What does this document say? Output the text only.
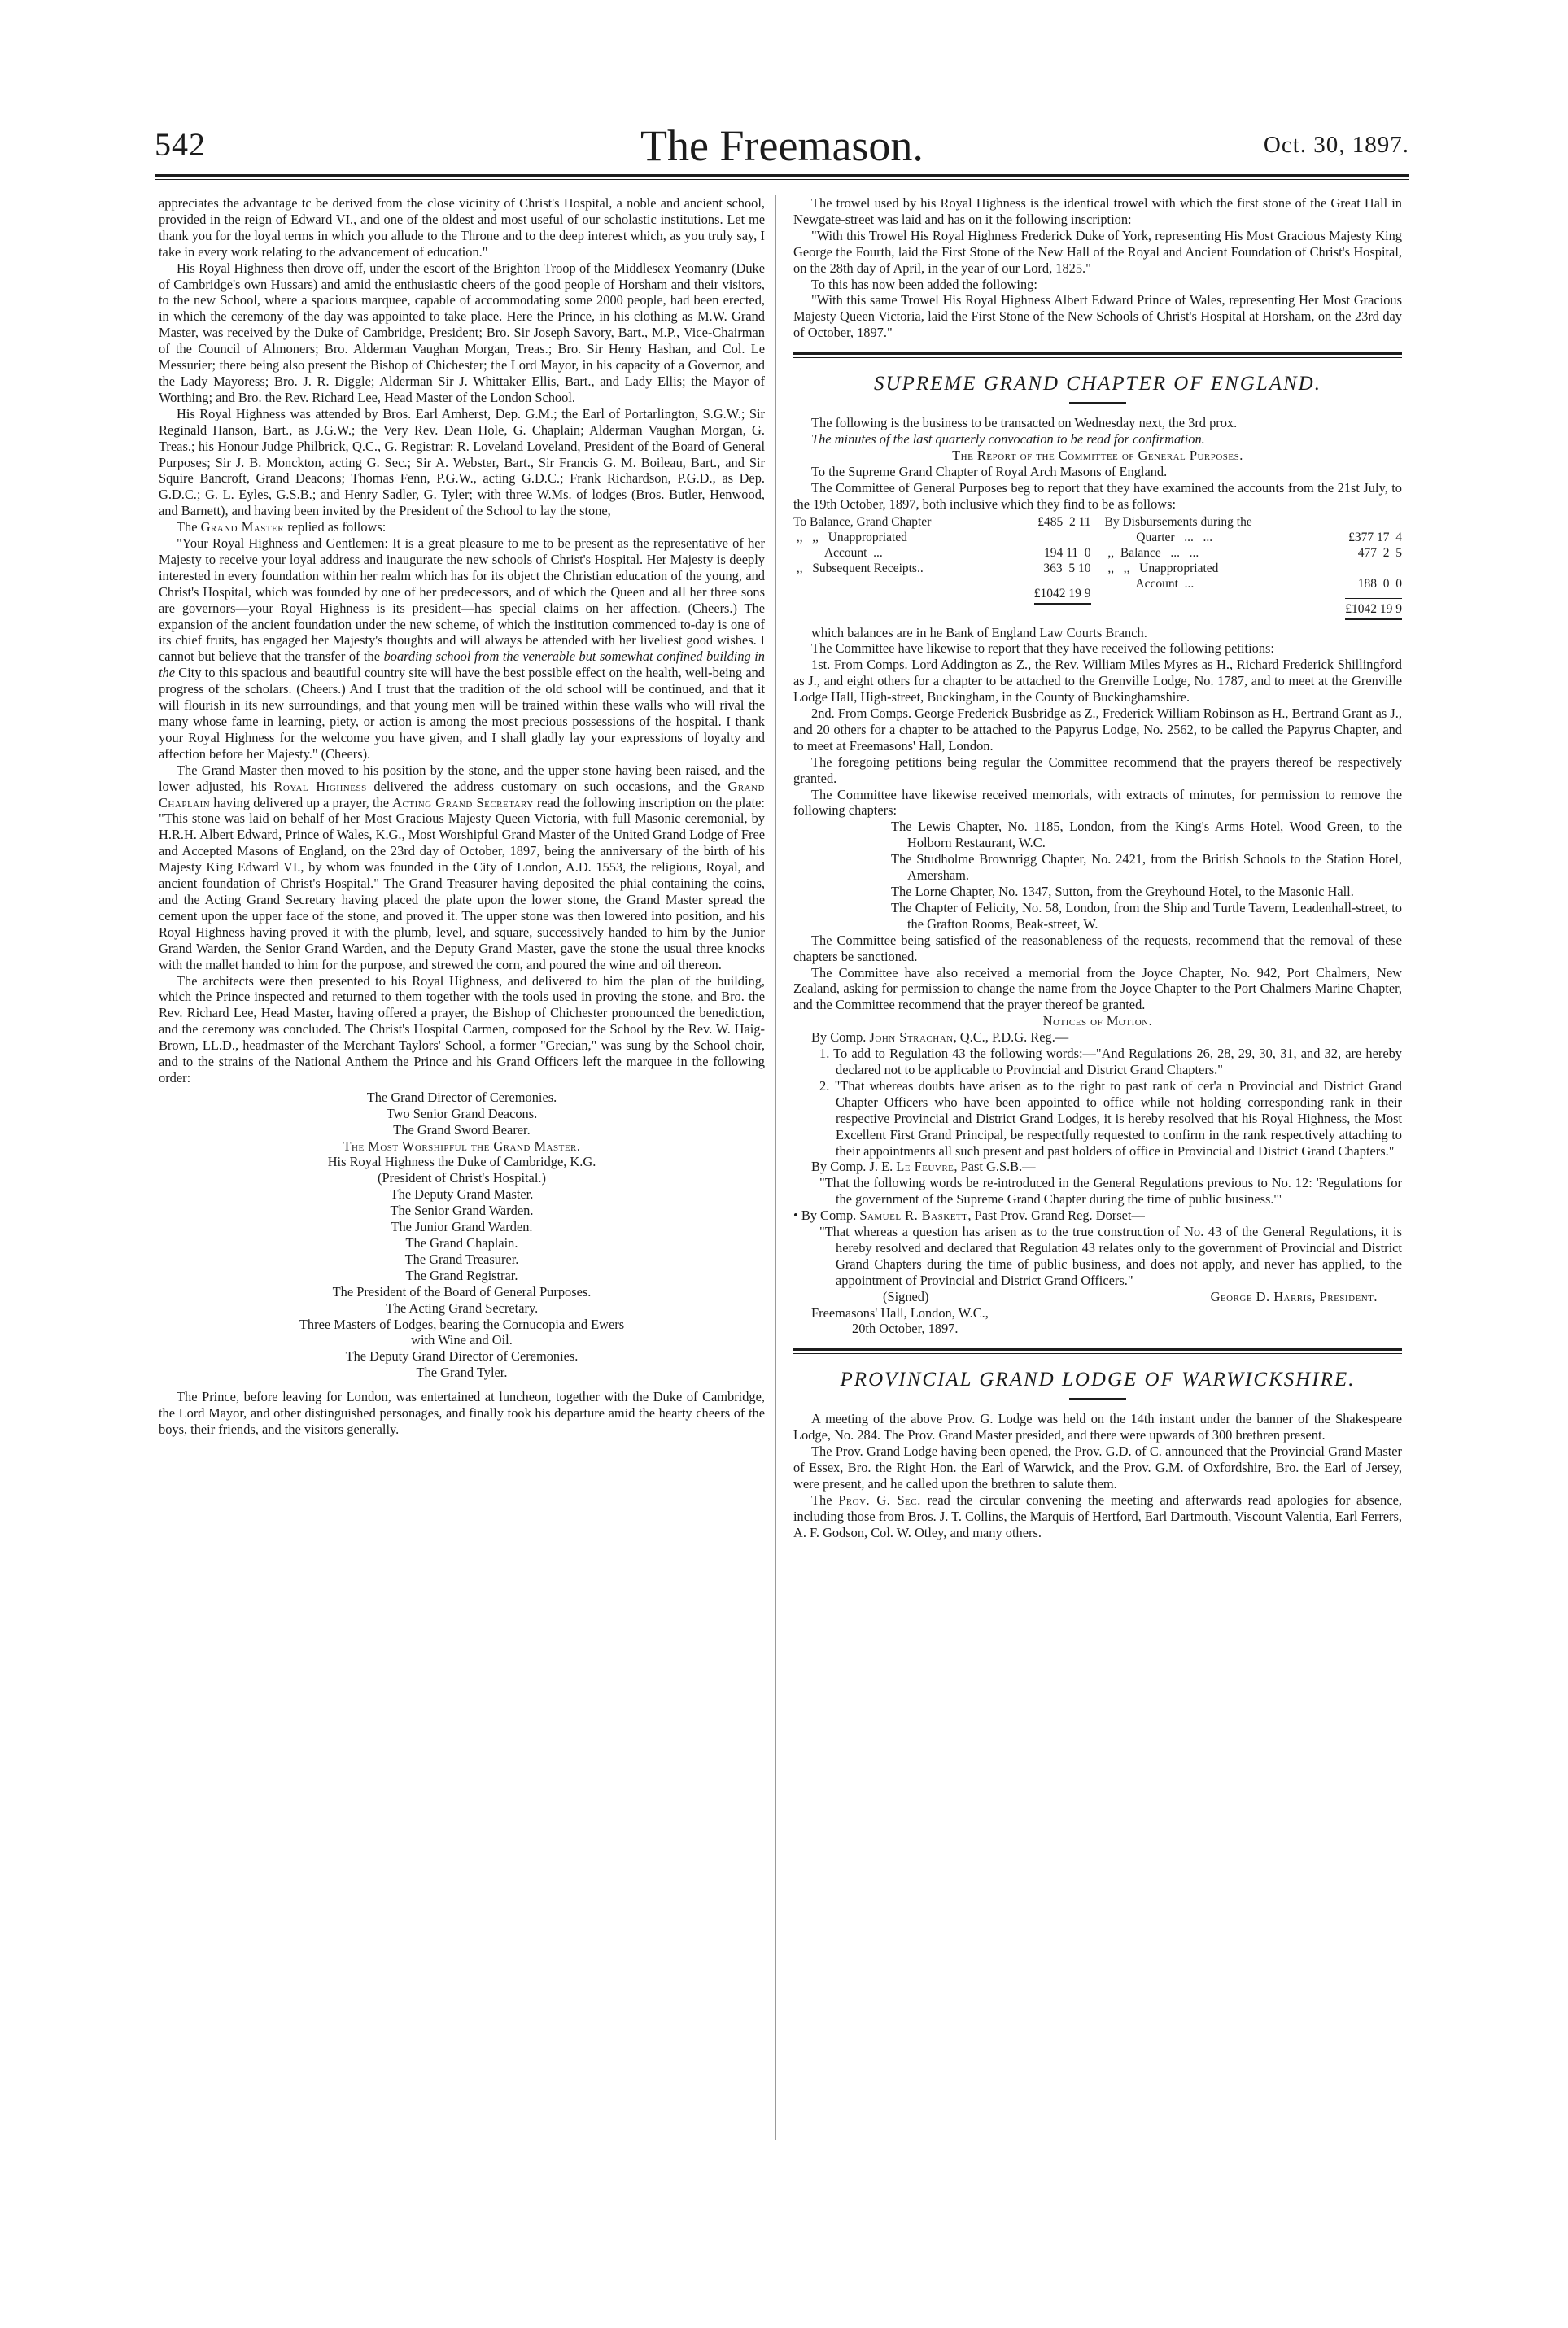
542	The Freemason.	Oct. 30, 1897.

appreciates the advantage tc be derived from the close vicinity of Christ's Hospital, a noble and ancient school, provided in the reign of Edward VI., and one of the oldest and most useful of our scholastic institutions. Let me thank you for the loyal terms in which you allude to the Throne and to the deep interest which, as you truly say, I take in every work relating to the advancement of education."

His Royal Highness then drove off, under the escort of the Brighton Troop of the Middlesex Yeomanry (Duke of Cambridge's own Hussars) and amid the enthusiastic cheers of the good people of Horsham and their visitors, to the new School, where a spacious marquee, capable of accommodating some 2000 people, had been erected, in which the ceremony of the day was appointed to take place. Here the Prince, in his clothing as M.W. Grand Master, was received by the Duke of Cambridge, President; Bro. Sir Joseph Savory, Bart., M.P., Vice-Chairman of the Council of Almoners; Bro. Alderman Vaughan Morgan, Treas.; Bro. Sir Henry Hashan, and Col. Le Messurier; there being also present the Bishop of Chichester; the Lord Mayor, in his capacity of a Governor, and the Lady Mayoress; Bro. J. R. Diggle; Alderman Sir J. Whittaker Ellis, Bart., and Lady Ellis; the Mayor of Worthing; and Bro. the Rev. Richard Lee, Head Master of the London School.

His Royal Highness was attended by Bros. Earl Amherst, Dep. G.M.; the Earl of Portarlington, S.G.W.; Sir Reginald Hanson, Bart., as J.G.W.; the Very Rev. Dean Hole, G. Chaplain; Alderman Vaughan Morgan, G. Treas.; his Honour Judge Philbrick, Q.C., G. Registrar: R. Loveland Loveland, President of the Board of General Purposes; Sir J. B. Monckton, acting G. Sec.; Sir A. Webster, Bart., Sir Francis G. M. Boileau, Bart., and Sir Squire Bancroft, Grand Deacons; Thomas Fenn, P.G.W., acting G.D.C.; Frank Richardson, P.G.D., as Dep. G.D.C.; G. L. Eyles, G.S.B.; and Henry Sadler, G. Tyler; with three W.Ms. of lodges (Bros. Butler, Henwood, and Barnett), and having been invited by the President of the School to lay the stone,

The Grand Master replied as follows:

"Your Royal Highness and Gentlemen: It is a great pleasure to me to be present as the representative of her Majesty to receive your loyal address and inaugurate the new schools of Christ's Hospital. Her Majesty is deeply interested in every foundation within her realm which has for its object the Christian education of the young, and Christ's Hospital, which was founded by one of her predecessors, and of which the Queen and all her three sons are governors—your Royal Highness is its president—has special claims on her affection. (Cheers.) The expansion of the ancient foundation under the new scheme, of which the institution commenced to-day is one of its chief fruits, has engaged her Majesty's thoughts and will always be attended with her liveliest good wishes. I cannot but believe that the transfer of the boarding school from the venerable but somewhat confined building in the City to this spacious and beautiful country site will have the best possible effect on the health, well-being and progress of the scholars. (Cheers.) And I trust that the tradition of the old school will be continued, and that it will flourish in its new surroundings, and that young men will be trained within these walls who will rival the many whose fame in learning, piety, or action is among the most precious possessions of the hospital. I thank your Royal Highness for the welcome you have given, and I shall gladly lay your expressions of loyalty and affection before her Majesty." (Cheers).

The Grand Master then moved to his position by the stone, and the upper stone having been raised, and the lower adjusted, his Royal Highness delivered the address customary on such occasions, and the Grand Chaplain having delivered up a prayer, the Acting Grand Secretary read the following inscription on the plate: "This stone was laid on behalf of her Most Gracious Majesty Queen Victoria, with full Masonic ceremonial, by H.R.H. Albert Edward, Prince of Wales, K.G., Most Worshipful Grand Master of the United Grand Lodge of Free and Accepted Masons of England, on the 23rd day of October, 1897, being the anniversary of the birth of his Majesty King Edward VI., by whom was founded in the City of London, A.D. 1553, the religious, Royal, and ancient foundation of Christ's Hospital." The Grand Treasurer having deposited the phial containing the coins, and the Acting Grand Secretary having placed the plate upon the lower stone, the Grand Master spread the cement upon the upper face of the stone, and proved it. The upper stone was then lowered into position, and his Royal Highness having proved it with the plumb, level, and square, successively handed to him by the Junior Grand Warden, the Senior Grand Warden, and the Deputy Grand Master, gave the stone the usual three knocks with the mallet handed to him for the purpose, and strewed the corn, and poured the wine and oil thereon.

The architects were then presented to his Royal Highness, and delivered to him the plan of the building, which the Prince inspected and returned to them together with the tools used in proving the stone, and Bro. the Rev. Richard Lee, Head Master, having offered a prayer, the Bishop of Chichester pronounced the benediction, and the ceremony was concluded. The Christ's Hospital Carmen, composed for the School by the Rev. W. Haig-Brown, LL.D., headmaster of the Merchant Taylors' School, a former "Grecian," was sung by the School choir, and to the strains of the National Anthem the Prince and his Grand Officers left the marquee in the following order:

The Grand Director of Ceremonies.
Two Senior Grand Deacons.
The Grand Sword Bearer.
The Most Worshipful the Grand Master.
His Royal Highness the Duke of Cambridge, K.G.
(President of Christ's Hospital.)
The Deputy Grand Master.
The Senior Grand Warden.
The Junior Grand Warden.
The Grand Chaplain.
The Grand Treasurer.
The Grand Registrar.
The President of the Board of General Purposes.
The Acting Grand Secretary.
Three Masters of Lodges, bearing the Cornucopia and Ewers
with Wine and Oil.
The Deputy Grand Director of Ceremonies.
The Grand Tyler.

The Prince, before leaving for London, was entertained at luncheon, together with the Duke of Cambridge, the Lord Mayor, and other distinguished personages, and finally took his departure amid the hearty cheers of the boys, their friends, and the visitors generally.

The trowel used by his Royal Highness is the identical trowel with which the first stone of the Great Hall in Newgate-street was laid and has on it the following inscription:

"With this Trowel His Royal Highness Frederick Duke of York, representing His Most Gracious Majesty King George the Fourth, laid the First Stone of the New Hall of the Royal and Ancient Foundation of Christ's Hospital, on the 28th day of April, in the year of our Lord, 1825."

To this has now been added the following:

"With this same Trowel His Royal Highness Albert Edward Prince of Wales, representing Her Most Gracious Majesty Queen Victoria, laid the First Stone of the New Schools of Christ's Hospital at Horsham, on the 23rd day of October, 1897."

SUPREME GRAND CHAPTER OF ENGLAND.

The following is the business to be transacted on Wednesday next, the 3rd prox.

The minutes of the last quarterly convocation to be read for confirmation.

The Report of the Committee of General Purposes.

To the Supreme Grand Chapter of Royal Arch Masons of England.

The Committee of General Purposes beg to report that they have examined the accounts from the 21st July, to the 19th October, 1897, both inclusive which they find to be as follows:

To Balance, Grand Chapter	£485  2 11
,,   ,,   Unappropriated
Account  ...	194 11  0
,,   Subsequent Receipts..	363  5 10
£1042 19 9
By Disbursements during the
Quarter   ...   ...	£377 17  4
,,  Balance   ...   ...	477  2  5
,,   ,,   Unappropriated
Account  ...	188  0  0
£1042 19 9

which balances are in he Bank of England Law Courts Branch.

The Committee have likewise to report that they have received the following petitions:

1st. From Comps. Lord Addington as Z., the Rev. William Miles Myres as H., Richard Frederick Shillingford as J., and eight others for a chapter to be attached to the Grenville Lodge, No. 1787, and to meet at the Grenville Lodge Hall, High-street, Buckingham, in the County of Buckinghamshire.

2nd. From Comps. George Frederick Busbridge as Z., Frederick William Robinson as H., Bertrand Grant as J., and 20 others for a chapter to be attached to the Papyrus Lodge, No. 2562, to be called the Papyrus Chapter, and to meet at Freemasons' Hall, London.

The foregoing petitions being regular the Committee recommend that the prayers thereof be respectively granted.

The Committee have likewise received memorials, with extracts of minutes, for permission to remove the following chapters:

The Lewis Chapter, No. 1185, London, from the King's Arms Hotel, Wood Green, to the Holborn Restaurant, W.C.

The Studholme Brownrigg Chapter, No. 2421, from the British Schools to the Station Hotel, Amersham.

The Lorne Chapter, No. 1347, Sutton, from the Greyhound Hotel, to the Masonic Hall.

The Chapter of Felicity, No. 58, London, from the Ship and Turtle Tavern, Leadenhall-street, to the Grafton Rooms, Beak-street, W.

The Committee being satisfied of the reasonableness of the requests, recommend that the removal of these chapters be sanctioned.

The Committee have also received a memorial from the Joyce Chapter, No. 942, Port Chalmers, New Zealand, asking for permission to change the name from the Joyce Chapter to the Port Chalmers Marine Chapter, and the Committee recommend that the prayer thereof be granted.

Notices of Motion.

By Comp. John Strachan, Q.C., P.D.G. Reg.—

1. To add to Regulation 43 the following words:—"And Regulations 26, 28, 29, 30, 31, and 32, are hereby declared not to be applicable to Provincial and District Grand Chapters."

2. "That whereas doubts have arisen as to the right to past rank of cer'a n Provincial and District Grand Chapter Officers who have been appointed to office while not holding corresponding rank in their respective Provincial and District Grand Lodges, it is hereby resolved that his Royal Highness, the Most Excellent First Grand Principal, be respectfully requested to confirm in the rank respectively attaching to their appointments all such present and past holders of office in Provincial and District Grand Chapters."

By Comp. J. E. Le Feuvre, Past G.S.B.—

"That the following words be re-introduced in the General Regulations previous to No. 12: 'Regulations for the government of the Supreme Grand Chapter during the time of public business.'"

• By Comp. Samuel R. Baskett, Past Prov. Grand Reg. Dorset—

"That whereas a question has arisen as to the true construction of No. 43 of the General Regulations, it is hereby resolved and declared that Regulation 43 relates only to the government of Provincial and District Grand Chapters during the time of public business, and does not apply, and never has applied, to the appointment of Provincial and District Grand Officers."

(Signed)	George D. Harris, President.

Freemasons' Hall, London, W.C.,

20th October, 1897.

PROVINCIAL GRAND LODGE OF WARWICKSHIRE.

A meeting of the above Prov. G. Lodge was held on the 14th instant under the banner of the Shakespeare Lodge, No. 284. The Prov. Grand Master presided, and there were upwards of 300 brethren present.

The Prov. Grand Lodge having been opened, the Prov. G.D. of C. announced that the Provincial Grand Master of Essex, Bro. the Right Hon. the Earl of Warwick, and the Prov. G.M. of Oxfordshire, Bro. the Earl of Jersey, were present, and he called upon the brethren to salute them.

The Prov. G. Sec. read the circular convening the meeting and afterwards read apologies for absence, including those from Bros. J. T. Collins, the Marquis of Hertford, Earl Dartmouth, Viscount Valentia, Earl Ferrers, A. F. Godson, Col. W. Otley, and many others.
